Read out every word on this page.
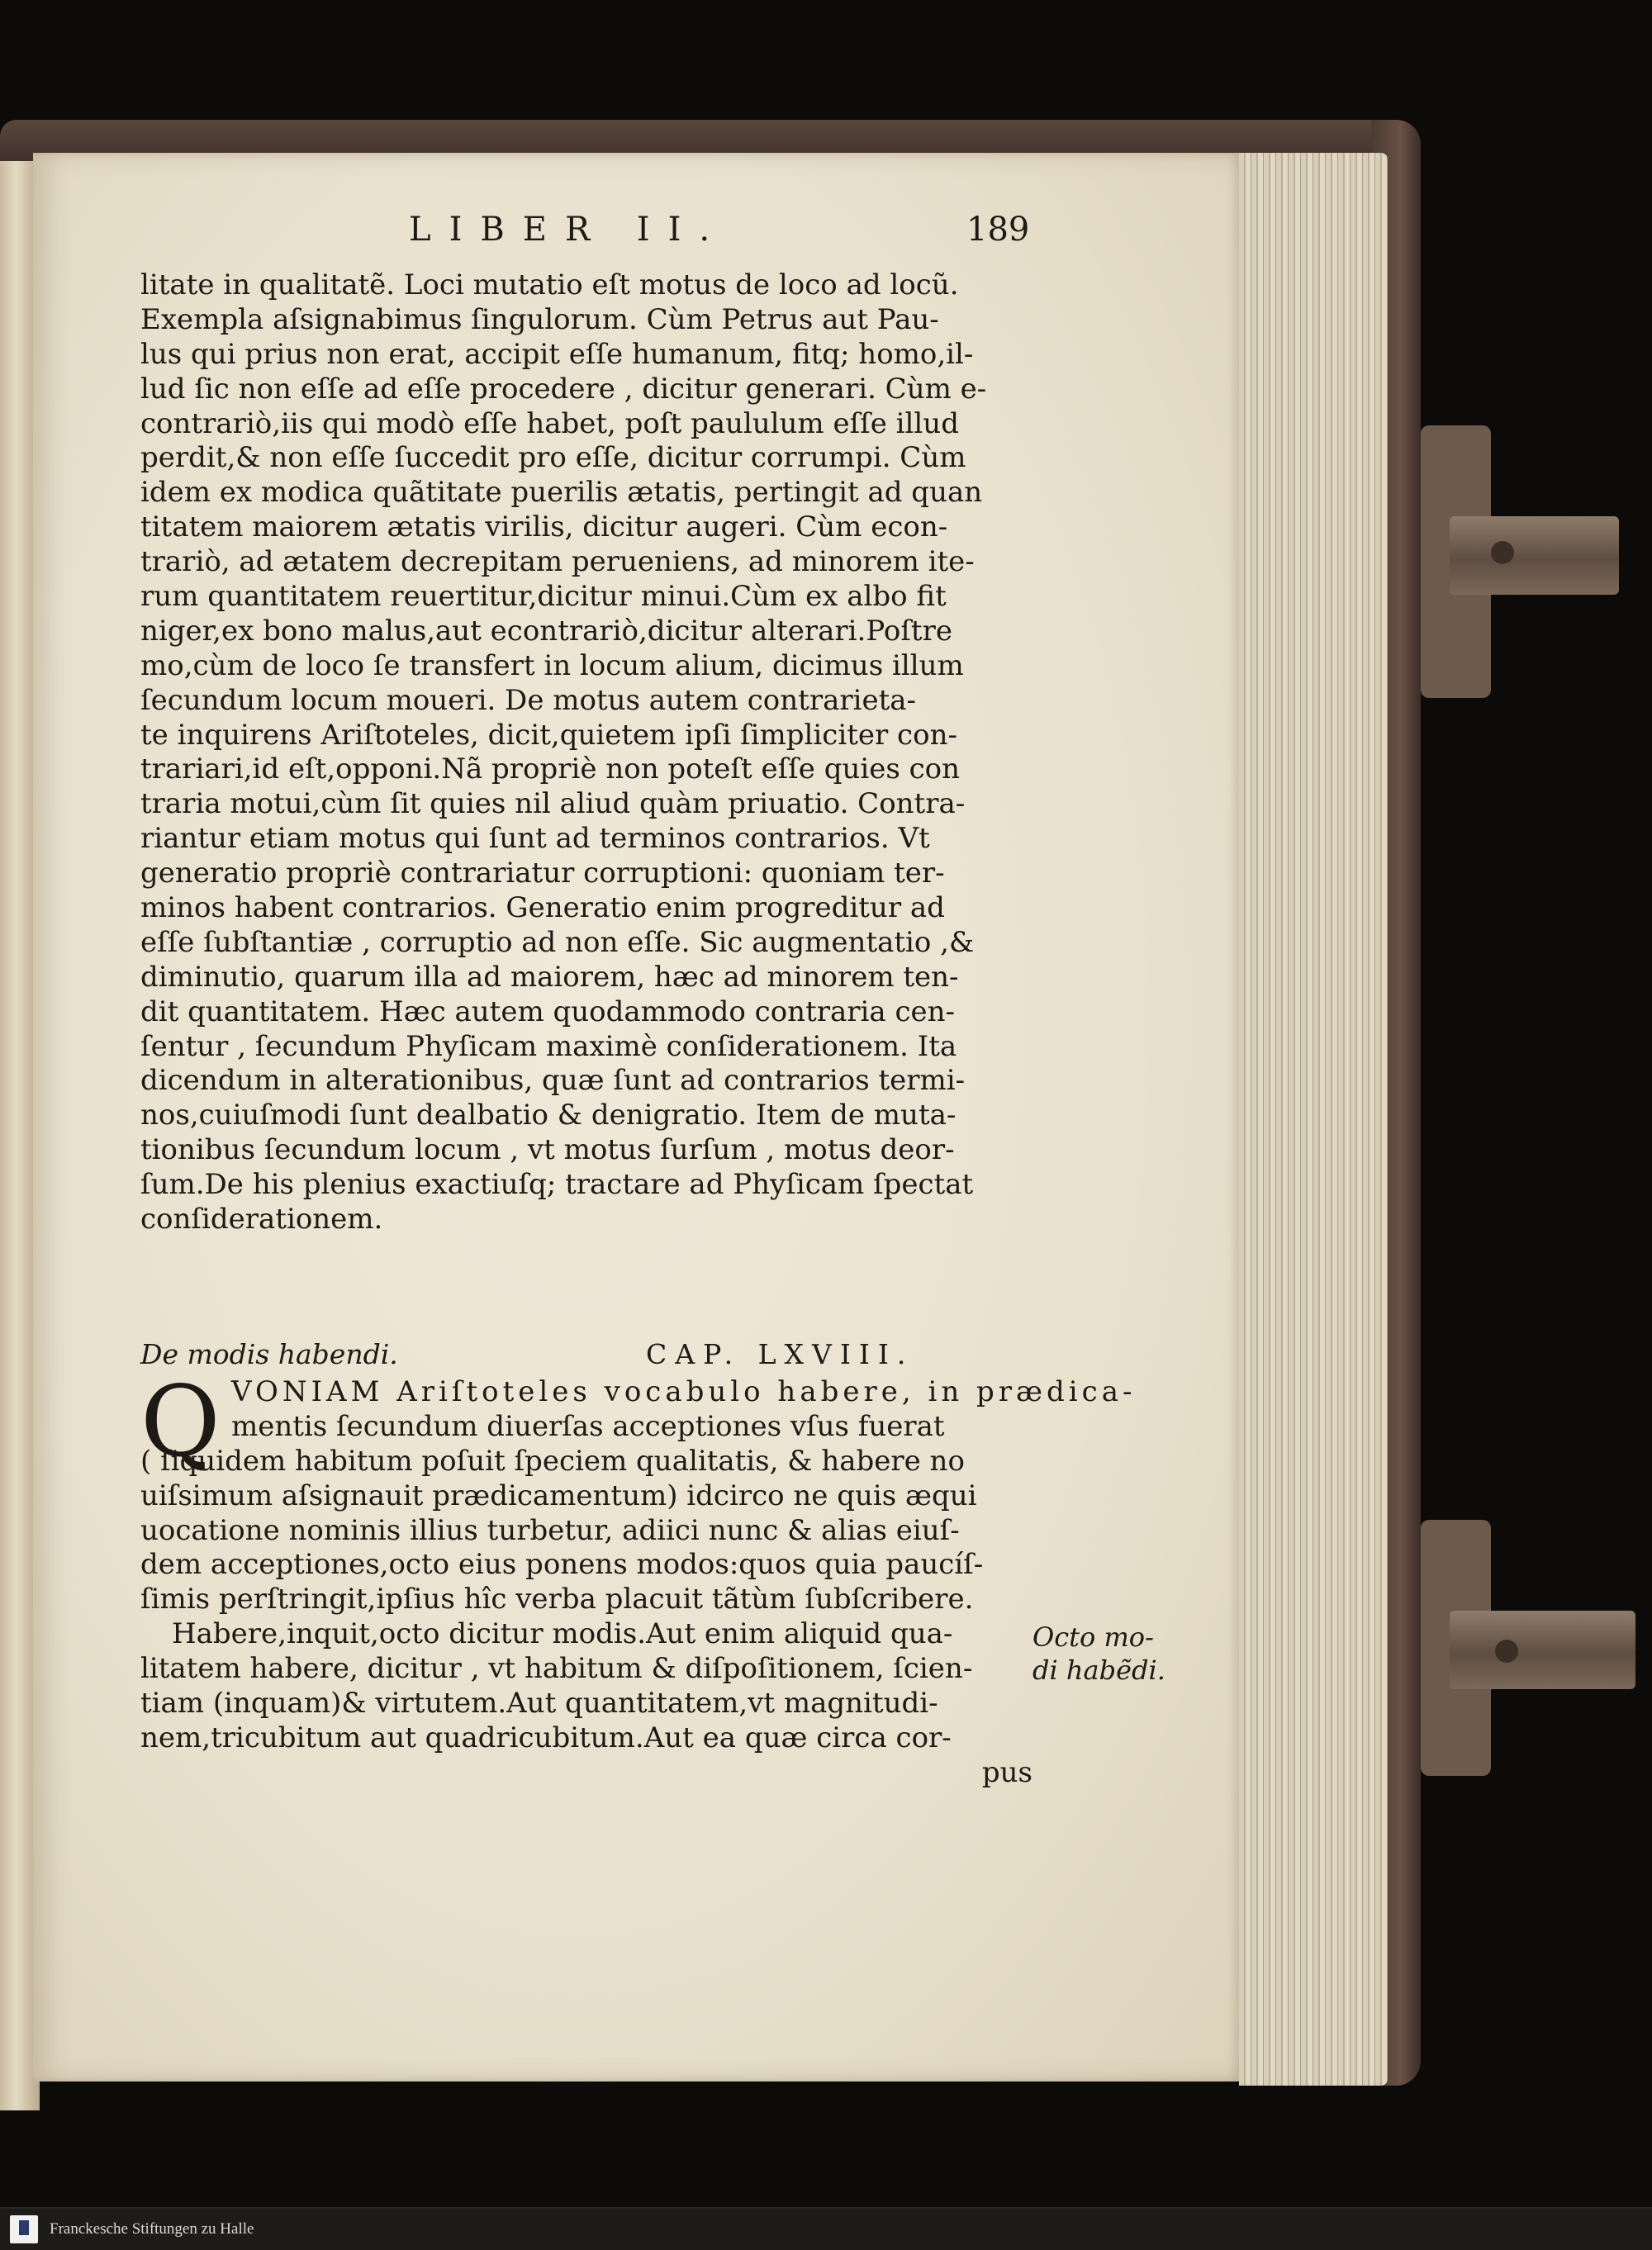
LIBER II.	189
litate in qualitatẽ. Loci mutatio eſt motus de loco ad locũ.
Exempla aſsignabimus ſingulorum. Cùm Petrus aut Pau-
lus qui prius non erat, accipit eſſe humanum, fitq; homo,il-
lud ſic non eſſe ad eſſe procedere , dicitur generari. Cùm e-
contrariò,iis qui modò eſſe habet, poſt paululum eſſe illud
perdit,& non eſſe ſuccedit pro eſſe, dicitur corrumpi. Cùm
idem ex modica quãtitate puerilis ætatis, pertingit ad quan
titatem maiorem ætatis virilis, dicitur augeri. Cùm econ-
trariò, ad ætatem decrepitam perueniens, ad minorem ite-
rum quantitatem reuertitur,dicitur minui.Cùm ex albo fit
niger,ex bono malus,aut econtrariò,dicitur alterari.Poſtre
mo,cùm de loco ſe transfert in locum alium, dicimus illum
ſecundum locum moueri. De motus autem contrarieta-
te inquirens Ariſtoteles, dicit,quietem ipſi ſimpliciter con-
trariari,id eſt,opponi.Nã propriè non poteſt eſſe quies con
traria motui,cùm ſit quies nil aliud quàm priuatio. Contra-
riantur etiam motus qui ſunt ad terminos contrarios. Vt
generatio propriè contrariatur corruptioni: quoniam ter-
minos habent contrarios. Generatio enim progreditur ad
eſſe ſubſtantiæ , corruptio ad non eſſe. Sic augmentatio ,&
diminutio, quarum illa ad maiorem, hæc ad minorem ten-
dit quantitatem. Hæc autem quodammodo contraria cen-
ſentur , ſecundum Phyſicam maximè conſiderationem. Ita
dicendum in alterationibus, quæ ſunt ad contrarios termi-
nos,cuiuſmodi ſunt dealbatio & denigratio. Item de muta-
tionibus ſecundum locum , vt motus ſurſum , motus deor-
ſum.De his plenius exactiuſq; tractare ad Phyſicam ſpectat
conſiderationem.
De modis habendi.	CAP. LXVIII.
Q VONIAM Ariſtoteles vocabulo habere, in prædica-
mentis ſecundum diuerſas acceptiones vſus fuerat
( ſiquidem habitum poſuit ſpeciem qualitatis, & habere no
uiſsimum aſsignauit prædicamentum) idcirco ne quis æqui
uocatione nominis illius turbetur, adiici nunc & alias eiuſ-
dem acceptiones,octo eius ponens modos:quos quia paucíſ-
ſimis perſtringit,ipſius hîc verba placuit tãtùm ſubſcribere.
Habere,inquit,octo dicitur modis.Aut enim aliquid qua-
litatem habere, dicitur , vt habitum & diſpoſitionem, ſcien-
tiam (inquam)& virtutem.Aut quantitatem,vt magnitudi-
nem,tricubitum aut quadricubitum.Aut ea quæ circa cor-
pus
Octo mo-
di habẽdi.
Franckesche Stiftungen zu Halle
